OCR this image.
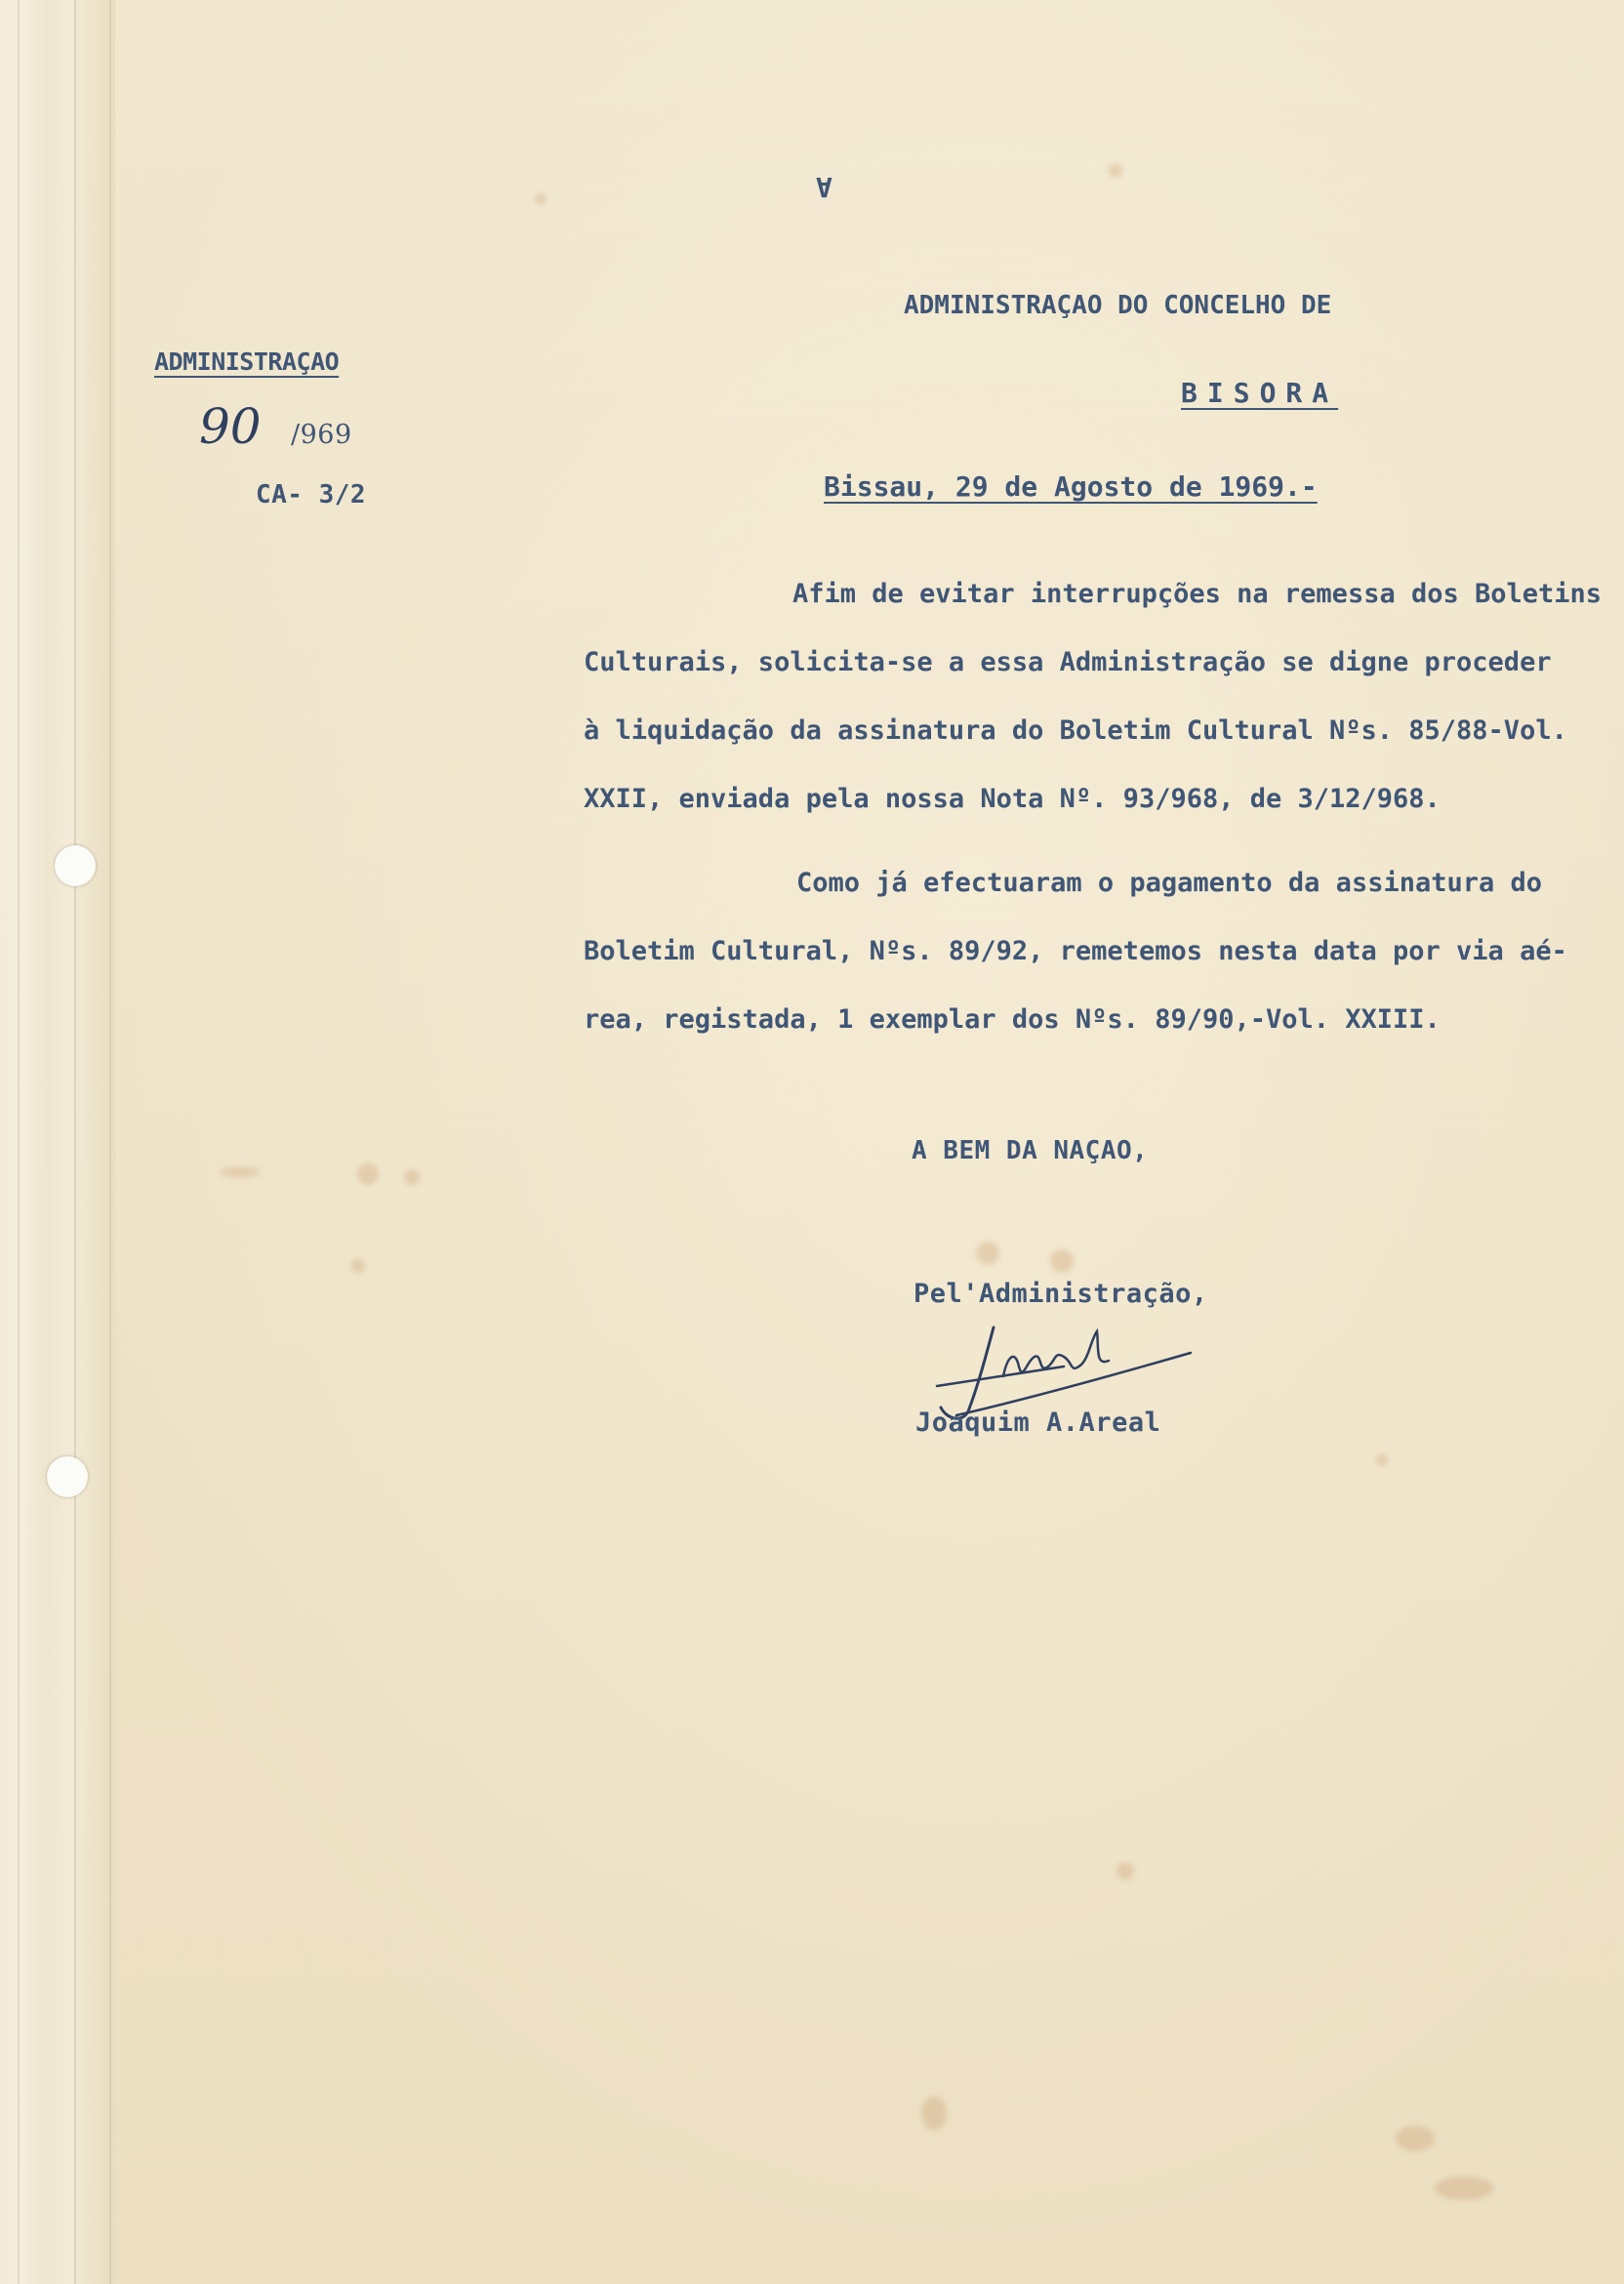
Ɐ
ADMINISTRAÇAO DO CONCELHO DE
BISORA
Bissau, 29 de Agosto de 1969.-
ADMINISTRAÇAO
90 /969
CA- 3/2
Afim de evitar interrupções na remessa dos Boletins
Culturais, solicita-se a essa Administração se digne proceder
à liquidação da assinatura do Boletim Cultural Nºs. 85/88-Vol.
XXII, enviada pela nossa Nota Nº. 93/968, de 3/12/968.
Como já efectuaram o pagamento da assinatura do
Boletim Cultural, Nºs. 89/92, remetemos nesta data por via aé-
rea, registada, 1 exemplar dos Nºs. 89/90,-Vol. XXIII.
A BEM DA NAÇAO,
Pel'Administração,
Joaquim A.Areal
